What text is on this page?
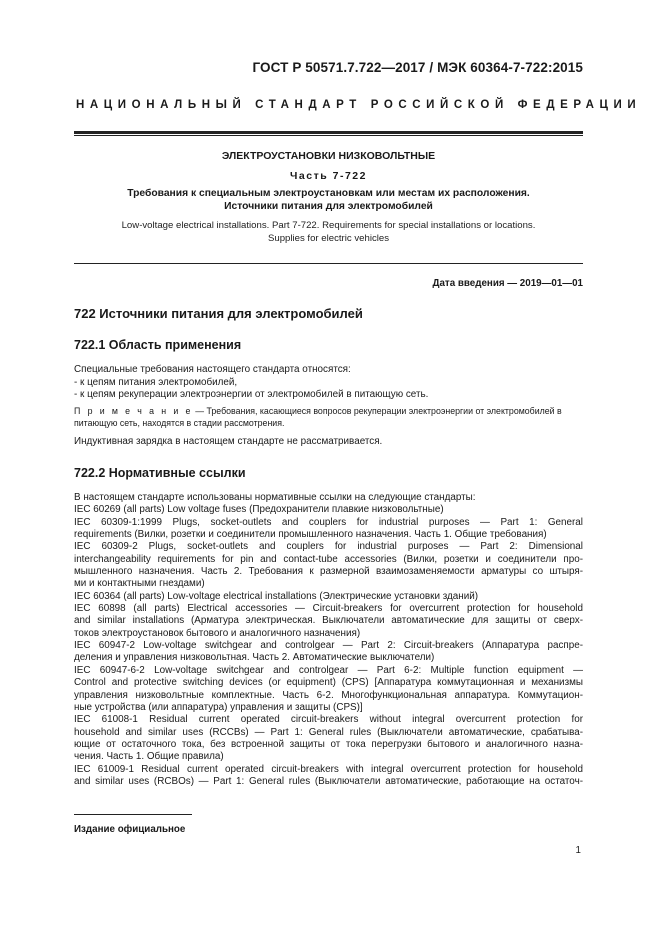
ГОСТ Р 50571.7.722—2017 / МЭК 60364-7-722:2015
НАЦИОНАЛЬНЫЙ СТАНДАРТ РОССИЙСКОЙ ФЕДЕРАЦИИ
ЭЛЕКТРОУСТАНОВКИ НИЗКОВОЛЬТНЫЕ
Часть 7-722
Требования к специальным электроустановкам или местам их расположения.
Источники питания для электромобилей
Low-voltage electrical installations. Part 7-722. Requirements for special installations or locations.
Supplies for electric vehicles
Дата введения — 2019—01—01
722 Источники питания для электромобилей
722.1 Область применения
Специальные требования настоящего стандарта относятся:
- к цепям питания электромобилей,
- к цепям рекуперации электроэнергии от электромобилей в питающую сеть.
П р и м е ч а н и е — Требования, касающиеся вопросов рекуперации электроэнергии от электромобилей в
питающую сеть, находятся в стадии рассмотрения.
Индуктивная зарядка в настоящем стандарте не рассматривается.
722.2 Нормативные ссылки
В настоящем стандарте использованы нормативные ссылки на следующие стандарты:
IEC 60269 (all parts) Low voltage fuses (Предохранители плавкие низковольтные)
IEC 60309-1:1999 Plugs, socket-outlets and couplers for industrial purposes — Part 1: General
requirements (Вилки, розетки и соединители промышленного назначения. Часть 1. Общие требования)
IEC 60309-2 Plugs, socket-outlets and couplers for industrial purposes — Part 2: Dimensional
interchangeability requirements for pin and contact-tube accessories (Вилки, розетки и соединители про-
мышленного назначения. Часть 2. Требования к размерной взаимозаменяемости арматуры со штыря-
ми и контактными гнездами)
IEC 60364 (all parts) Low-voltage electrical installations (Электрические установки зданий)
IEC 60898 (all parts) Electrical accessories — Circuit-breakers for overcurrent protection for household
and similar installations (Арматура электрическая. Выключатели автоматические для защиты от сверх-
токов электроустановок бытового и аналогичного назначения)
IEC 60947-2 Low-voltage switchgear and controlgear — Part 2: Circuit-breakers (Аппаратура распре-
деления и управления низковольтная. Часть 2. Автоматические выключатели)
IEC 60947-6-2 Low-voltage switchgear and controlgear — Part 6-2: Multiple function equipment —
Control and protective switching devices (or equipment) (CPS) [Аппаратура коммутационная и механизмы
управления низковольтные комплектные. Часть 6-2. Многофункциональная аппаратура. Коммутацион-
ные устройства (или аппаратура) управления и защиты (CPS)]
IEC 61008-1 Residual current operated circuit-breakers without integral overcurrent protection for
household and similar uses (RCCBs) — Part 1: General rules (Выключатели автоматические, срабатыва-
ющие от остаточного тока, без встроенной защиты от тока перегрузки бытового и аналогичного назна-
чения. Часть 1. Общие правила)
IEC 61009-1 Residual current operated circuit-breakers with integral overcurrent protection for household
and similar uses (RCBOs) — Part 1: General rules (Выключатели автоматические, работающие на остаточ-
Издание официальное
1
